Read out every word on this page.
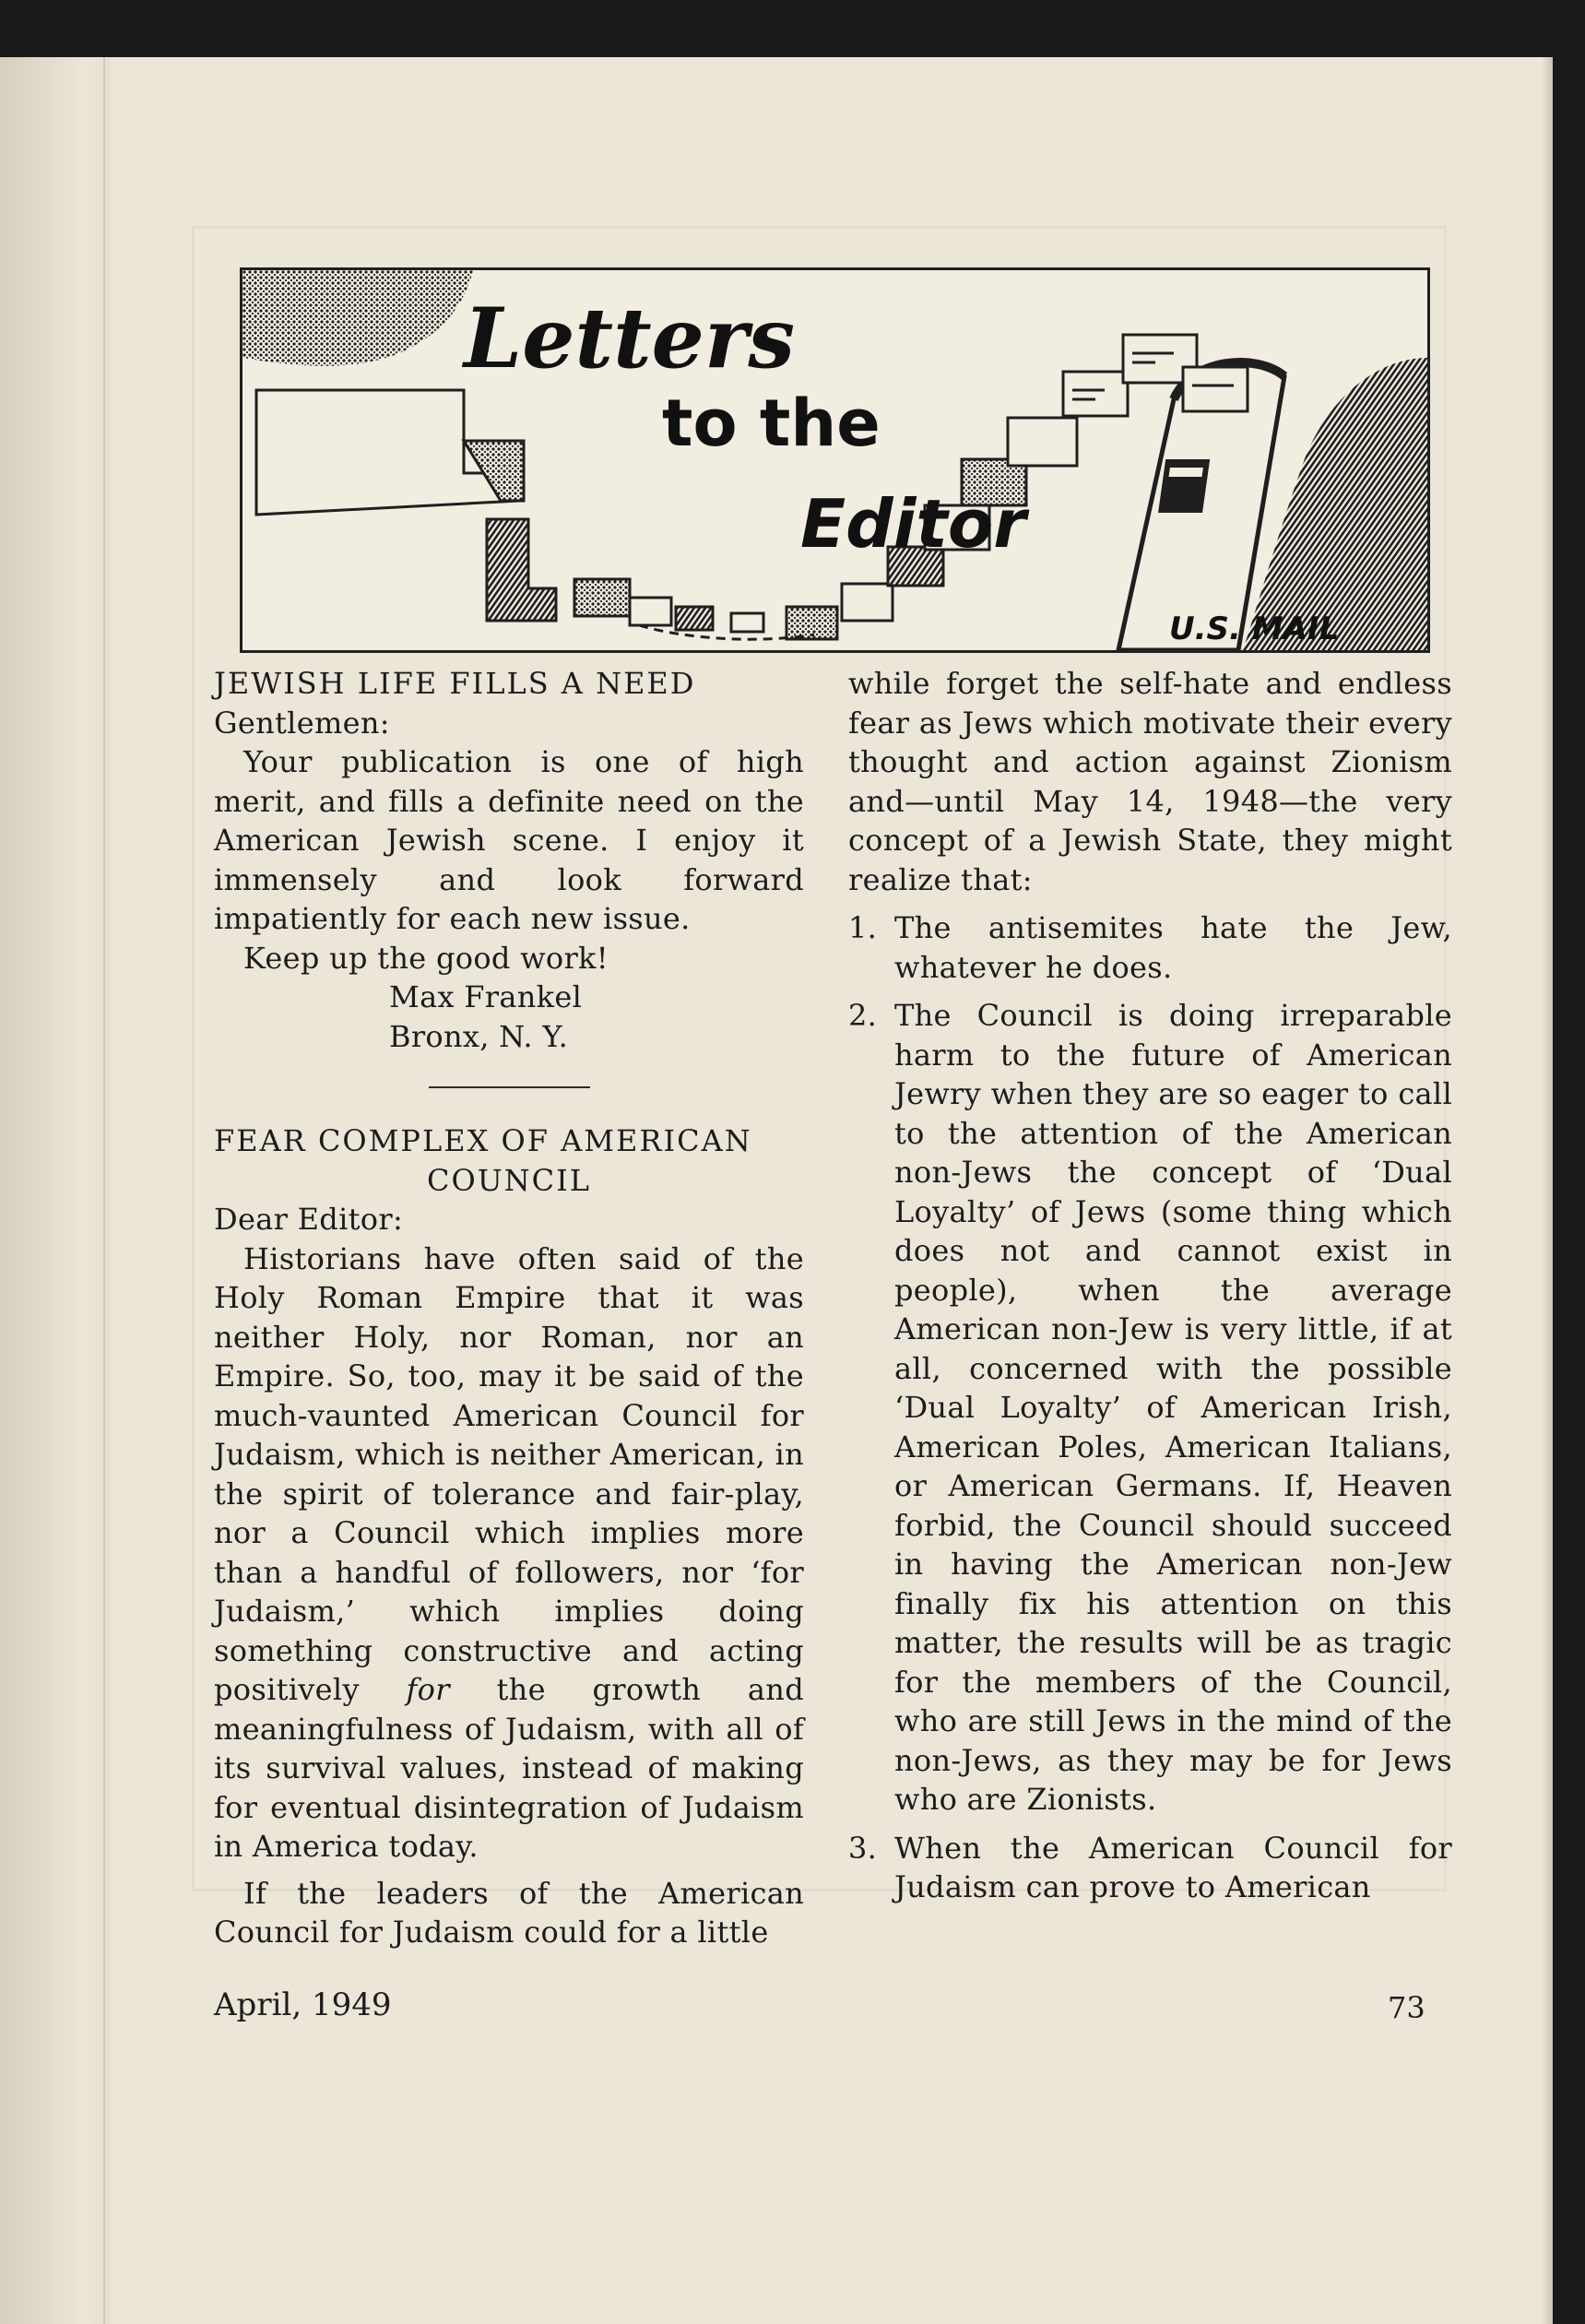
Letters
to the
Editor
U.S. MAIL

JEWISH LIFE FILLS A NEED

Gentlemen:

Your publication is one of high merit, and fills a definite need on the American Jewish scene. I enjoy it immensely and look forward impatiently for each new issue.

Keep up the good work!

Max Frankel

Bronx, N. Y.

FEAR COMPLEX OF AMERICAN

COUNCIL

Dear Editor:

Historians have often said of the Holy Roman Empire that it was neither Holy, nor Roman, nor an Empire. So, too, may it be said of the much-vaunted American Council for Judaism, which is neither American, in the spirit of tolerance and fair-play, nor a Council which implies more than a handful of followers, nor ‘for Judaism,’ which implies doing something constructive and acting positively for the growth and meaningfulness of Judaism, with all of its survival values, instead of making for eventual disintegration of Judaism in America today.

If the leaders of the American Council for Judaism could for a little

while forget the self-hate and endless fear as Jews which motivate their every thought and action against Zionism and—until May 14, 1948—the very concept of a Jewish State, they might realize that:

1. The antisemites hate the Jew, whatever he does.
2. The Council is doing irreparable harm to the future of American Jewry when they are so eager to call to the attention of the American non-Jews the concept of ‘Dual Loyalty’ of Jews (some thing which does not and cannot exist in people), when the average American non-Jew is very little, if at all, concerned with the possible ‘Dual Loyalty’ of American Irish, American Poles, American Italians, or American Germans. If, Heaven forbid, the Council should succeed in having the American non-Jew finally fix his attention on this matter, the results will be as tragic for the members of the Council, who are still Jews in the mind of the non-Jews, as they may be for Jews who are Zionists.
3. When the American Council for Judaism can prove to American
April, 1949	73
